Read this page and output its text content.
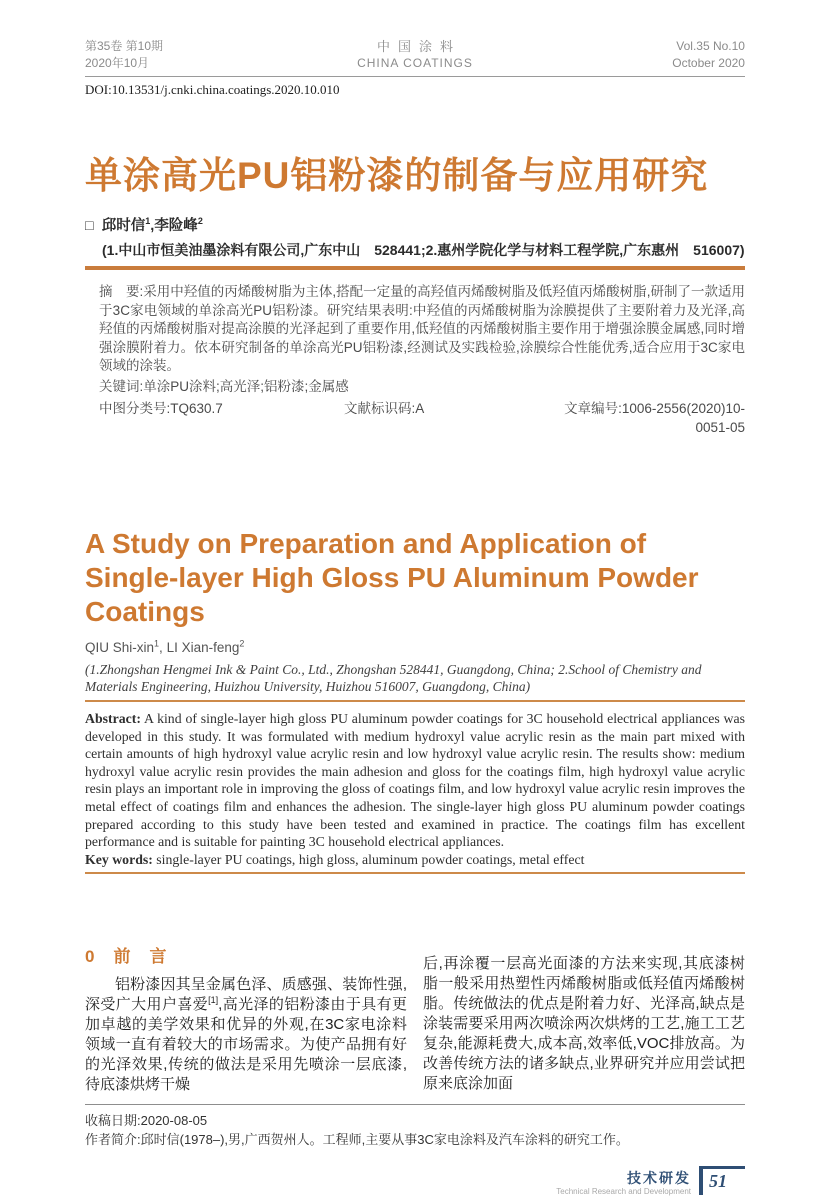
第35卷 第10期
2020年10月
中国涂料
CHINA COATINGS
Vol.35 No.10
October 2020
DOI:10.13531/j.cnki.china.coatings.2020.10.010
单涂高光PU铝粉漆的制备与应用研究
□ 邱时信$^1$,李险峰$^2$
(1.中山市恒美油墨涂料有限公司,广东中山　528441;2.惠州学院化学与材料工程学院,广东惠州　516007)

摘　要:采用中羟值的丙烯酸树脂为主体,搭配一定量的高羟值丙烯酸树脂及低羟值丙烯酸树脂,研制了一款适用于3C家电领域的单涂高光PU铝粉漆。研究结果表明:中羟值的丙烯酸树脂为涂膜提供了主要附着力及光泽,高羟值的丙烯酸树脂对提高涂膜的光泽起到了重要作用,低羟值的丙烯酸树脂主要作用于增强涂膜金属感,同时增强涂膜附着力。依本研究制备的单涂高光PU铝粉漆,经测试及实践检验,涂膜综合性能优秀,适合应用于3C家电领域的涂装。

关键词:单涂PU涂料;高光泽;铝粉漆;金属感

中图分类号:TQ630.7	文献标识码:A	文章编号:1006-2556(2020)10-0051-05
A Study on Preparation and Application of Single-layer High Gloss PU Aluminum Powder Coatings
QIU Shi-xin$^1$, LI Xian-feng$^2$
(1.Zhongshan Hengmei Ink & Paint Co., Ltd., Zhongshan 528441, Guangdong, China; 2.School of Chemistry and Materials Engineering, Huizhou University, Huizhou 516007, Guangdong, China)

Abstract: A kind of single-layer high gloss PU aluminum powder coatings for 3C household electrical appliances was developed in this study. It was formulated with medium hydroxyl value acrylic resin as the main part mixed with certain amounts of high hydroxyl value acrylic resin and low hydroxyl value acrylic resin. The results show: medium hydroxyl value acrylic resin provides the main adhesion and gloss for the coatings film, high hydroxyl value acrylic resin plays an important role in improving the gloss of coatings film, and low hydroxyl value acrylic resin improves the metal effect of coatings film and enhances the adhesion. The single-layer high gloss PU aluminum powder coatings prepared according to this study have been tested and examined in practice. The coatings film has excellent performance and is suitable for painting 3C household electrical appliances.

Key words: single-layer PU coatings, high gloss, aluminum powder coatings, metal effect

0　前　言

铝粉漆因其呈金属色泽、质感强、装饰性强,深受广大用户喜爱[1],高光泽的铝粉漆由于具有更加卓越的美学效果和优异的外观,在3C家电涂料领域一直有着较大的市场需求。为使产品拥有好的光泽效果,传统的做法是采用先喷涂一层底漆,待底漆烘烤干燥

后,再涂覆一层高光面漆的方法来实现,其底漆树脂一般采用热塑性丙烯酸树脂或低羟值丙烯酸树脂。传统做法的优点是附着力好、光泽高,缺点是涂装需要采用两次喷涂两次烘烤的工艺,施工工艺复杂,能源耗费大,成本高,效率低,VOC排放高。为改善传统方法的诸多缺点,业界研究并应用尝试把原来底涂加面

收稿日期:2020-08-05
作者简介:邱时信(1978–),男,广西贺州人。工程师,主要从事3C家电涂料及汽车涂料的研究工作。
技术研发
Technical Research and Development
51
